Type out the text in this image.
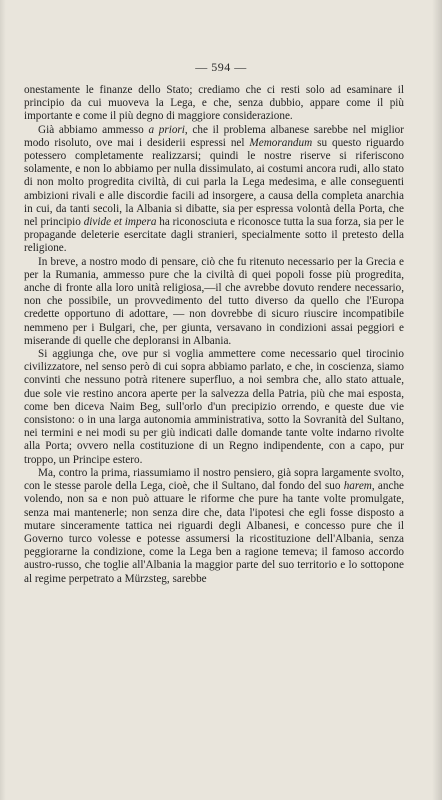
— 594 —

onestamente le finanze dello Stato; crediamo che ci resti solo ad esaminare il principio da cui muoveva la Lega, e che, senza dubbio, appare come il più importante e come il più degno di maggiore considerazione.

Già abbiamo ammesso a priori, che il problema albanese sarebbe nel miglior modo risoluto, ove mai i desiderii espressi nel Memorandum su questo riguardo potessero completamente realizzarsi; quindi le nostre riserve si riferiscono solamente, e non lo abbiamo per nulla dissimulato, ai costumi ancora rudi, allo stato di non molto progredita civiltà, di cui parla la Lega medesima, e alle conseguenti ambizioni rivali e alle discordie facili ad insorgere, a causa della completa anarchia in cui, da tanti secoli, la Albania si dibatte, sia per espressa volontà della Porta, che nel principio divide et impera ha riconosciuta e riconosce tutta la sua forza, sia per le propagande deleterie esercitate dagli stranieri, specialmente sotto il pretesto della religione.

In breve, a nostro modo di pensare, ciò che fu ritenuto necessario per la Grecia e per la Rumania, ammesso pure che la civiltà di quei popoli fosse più progredita, anche di fronte alla loro unità religiosa,—il che avrebbe dovuto rendere necessario, non che possibile, un provvedimento del tutto diverso da quello che l'Europa credette opportuno di adottare, — non dovrebbe di sicuro riuscire incompatibile nemmeno per i Bulgari, che, per giunta, versavano in condizioni assai peggiori e miserande di quelle che deploransi in Albania.

Si aggiunga che, ove pur si voglia ammettere come necessario quel tirocinio civilizzatore, nel senso però di cui sopra abbiamo parlato, e che, in coscienza, siamo convinti che nessuno potrà ritenere superfluo, a noi sembra che, allo stato attuale, due sole vie restino ancora aperte per la salvezza della Patria, più che mai esposta, come ben diceva Naim Beg, sull'orlo d'un precipizio orrendo, e queste due vie consistono: o in una larga autonomia amministrativa, sotto la Sovranità del Sultano, nei termini e nei modi su per giù indicati dalle domande tante volte indarno rivolte alla Porta; ovvero nella costituzione di un Regno indipendente, con a capo, pur troppo, un Principe estero.

Ma, contro la prima, riassumiamo il nostro pensiero, già sopra largamente svolto, con le stesse parole della Lega, cioè, che il Sultano, dal fondo del suo harem, anche volendo, non sa e non può attuare le riforme che pure ha tante volte promulgate, senza mai mantenerle; non senza dire che, data l'ipotesi che egli fosse disposto a mutare sinceramente tattica nei riguardi degli Albanesi, e concesso pure che il Governo turco volesse e potesse assumersi la ricostituzione dell'Albania, senza peggiorarne la condizione, come la Lega ben a ragione temeva; il famoso accordo austro-russo, che toglie all'Albania la maggior parte del suo territorio e lo sottopone al regime perpetrato a Mürzsteg, sarebbe
